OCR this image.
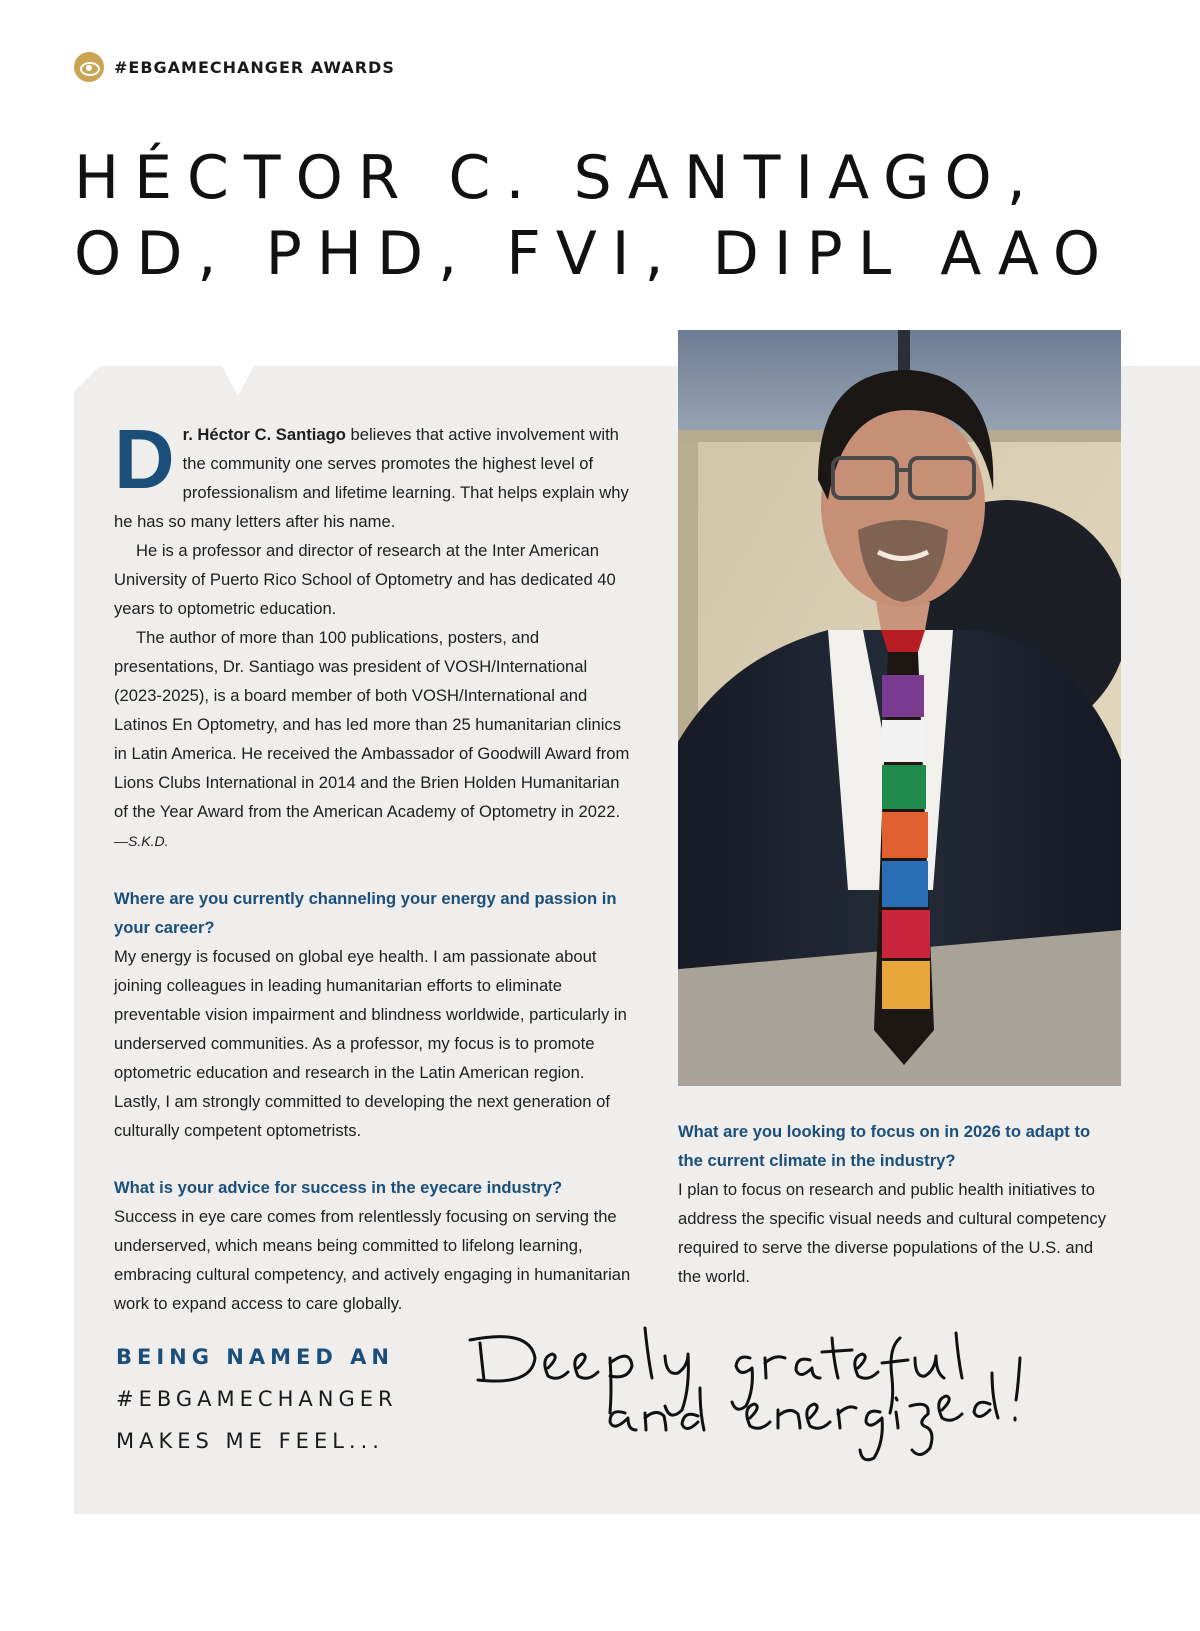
#EBGAMECHANGER AWARDS
HÉCTOR C. SANTIAGO,
OD, PHD, FVI, DIPL AAO

Dr. Héctor C. Santiago believes that active involvement with the community one serves promotes the highest level of professionalism and lifetime learning. That helps explain why he has so many letters after his name.

He is a professor and director of research at the Inter American University of Puerto Rico School of Optometry and has dedicated 40 years to optometric education.

The author of more than 100 publications, posters, and presentations, Dr. Santiago was president of VOSH/International (2023-2025), is a board member of both VOSH/International and Latinos En Optometry, and has led more than 25 humanitarian clinics in Latin America. He received the Ambassador of Goodwill Award from Lions Clubs International in 2014 and the Brien Holden Humanitarian of the Year Award from the American Academy of Optometry in 2022. —S.K.D.

Where are you currently channeling your energy and passion in your career?

My energy is focused on global eye health. I am passionate about joining colleagues in leading humanitarian efforts to eliminate preventable vision impairment and blindness worldwide, particularly in underserved communities. As a professor, my focus is to promote optometric education and research in the Latin American region. Lastly, I am strongly committed to developing the next generation of culturally competent optometrists.

What is your advice for success in the eyecare industry?

Success in eye care comes from relentlessly focusing on serving the underserved, which means being committed to lifelong learning, embracing cultural competency, and actively engaging in humanitarian work to expand access to care globally.

What are you looking to focus on in 2026 to adapt to the current climate in the industry?

I plan to focus on research and public health initiatives to address the specific visual needs and cultural competency required to serve the diverse populations of the U.S. and the world.

BEING NAMED AN
#EBGAMECHANGER
MAKES ME FEEL...
